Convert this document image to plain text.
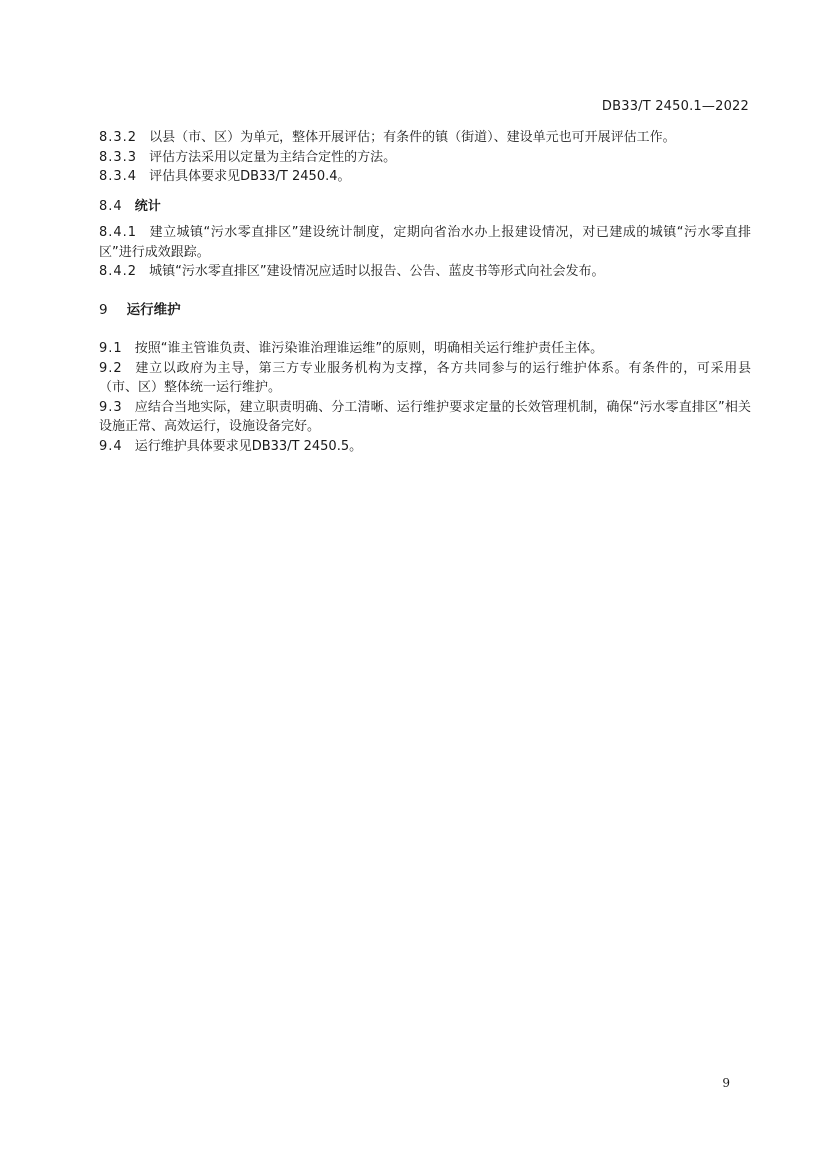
DB33/T 2450.1—2022

8.3.2 以县（市、区）为单元，整体开展评估；有条件的镇（街道）、建设单元也可开展评估工作。

8.3.3 评估方法采用以定量为主结合定性的方法。

8.3.4 评估具体要求见DB33/T 2450.4。

8.4 统计

8.4.1 建立城镇“污水零直排区”建设统计制度，定期向省治水办上报建设情况，对已建成的城镇“污水零直排区”进行成效跟踪。

8.4.2 城镇“污水零直排区”建设情况应适时以报告、公告、蓝皮书等形式向社会发布。

9 运行维护

9.1 按照“谁主管谁负责、谁污染谁治理谁运维”的原则，明确相关运行维护责任主体。

9.2 建立以政府为主导，第三方专业服务机构为支撑，各方共同参与的运行维护体系。有条件的，可采用县（市、区）整体统一运行维护。

9.3 应结合当地实际，建立职责明确、分工清晰、运行维护要求定量的长效管理机制，确保“污水零直排区”相关设施正常、高效运行，设施设备完好。

9.4 运行维护具体要求见DB33/T 2450.5。

9
